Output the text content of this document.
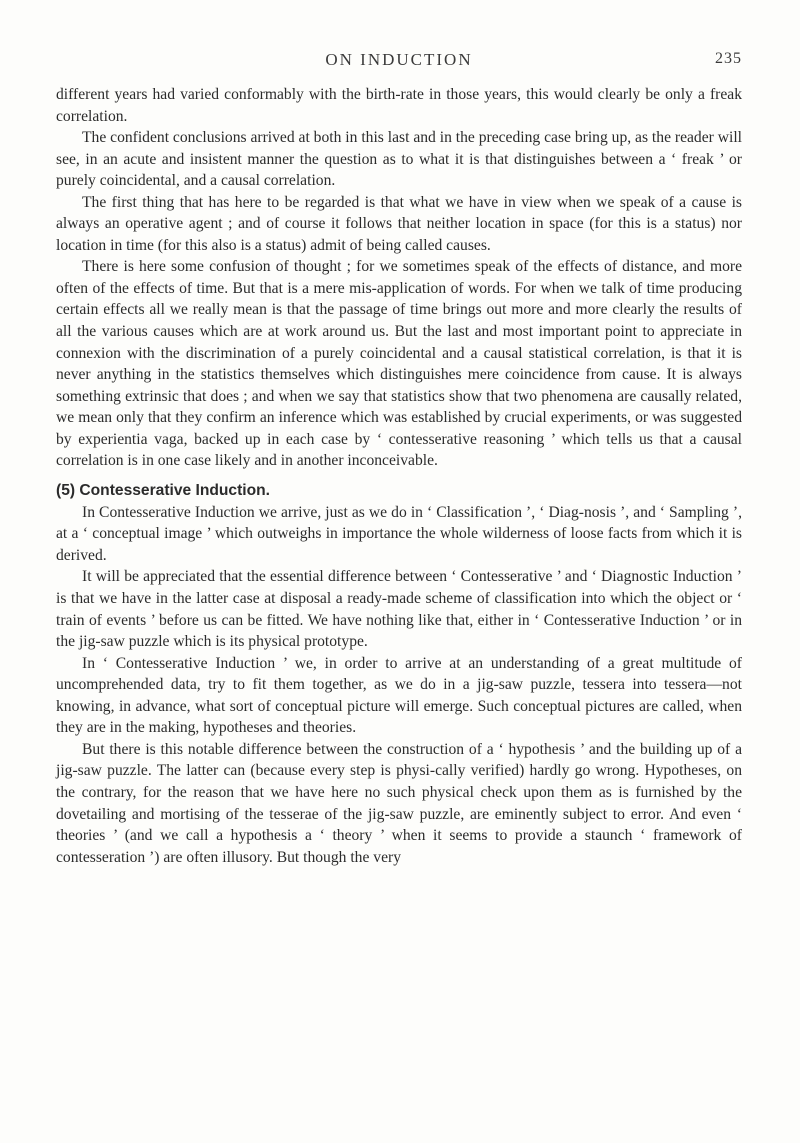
ON INDUCTION	235

different years had varied conformably with the birth-rate in those years, this would clearly be only a freak correlation.

The confident conclusions arrived at both in this last and in the preceding case bring up, as the reader will see, in an acute and insistent manner the question as to what it is that distinguishes between a ‘ freak ’ or purely coincidental, and a causal correlation.

The first thing that has here to be regarded is that what we have in view when we speak of a cause is always an operative agent ; and of course it follows that neither location in space (for this is a status) nor location in time (for this also is a status) admit of being called causes.

There is here some confusion of thought ; for we sometimes speak of the effects of distance, and more often of the effects of time. But that is a mere mis-application of words. For when we talk of time producing certain effects all we really mean is that the passage of time brings out more and more clearly the results of all the various causes which are at work around us. But the last and most important point to appreciate in connexion with the discrimination of a purely coincidental and a causal statistical correlation, is that it is never anything in the statistics themselves which distinguishes mere coincidence from cause. It is always something extrinsic that does ; and when we say that statistics show that two phenomena are causally related, we mean only that they confirm an inference which was established by crucial experiments, or was suggested by experientia vaga, backed up in each case by ‘ contesserative reasoning ’ which tells us that a causal correlation is in one case likely and in another inconceivable.

(5) Contesserative Induction.

In Contesserative Induction we arrive, just as we do in ‘ Classification ’, ‘ Diag-nosis ’, and ‘ Sampling ’, at a ‘ conceptual image ’ which outweighs in importance the whole wilderness of loose facts from which it is derived.

It will be appreciated that the essential difference between ‘ Contesserative ’ and ‘ Diagnostic Induction ’ is that we have in the latter case at disposal a ready-made scheme of classification into which the object or ‘ train of events ’ before us can be fitted. We have nothing like that, either in ‘ Contesserative Induction ’ or in the jig-saw puzzle which is its physical prototype.

In ‘ Contesserative Induction ’ we, in order to arrive at an understanding of a great multitude of uncomprehended data, try to fit them together, as we do in a jig-saw puzzle, tessera into tessera—not knowing, in advance, what sort of conceptual picture will emerge. Such conceptual pictures are called, when they are in the making, hypotheses and theories.

But there is this notable difference between the construction of a ‘ hypothesis ’ and the building up of a jig-saw puzzle. The latter can (because every step is physi-cally verified) hardly go wrong. Hypotheses, on the contrary, for the reason that we have here no such physical check upon them as is furnished by the dovetailing and mortising of the tesserae of the jig-saw puzzle, are eminently subject to error. And even ‘ theories ’ (and we call a hypothesis a ‘ theory ’ when it seems to provide a staunch ‘ framework of contesseration ’) are often illusory. But though the very
